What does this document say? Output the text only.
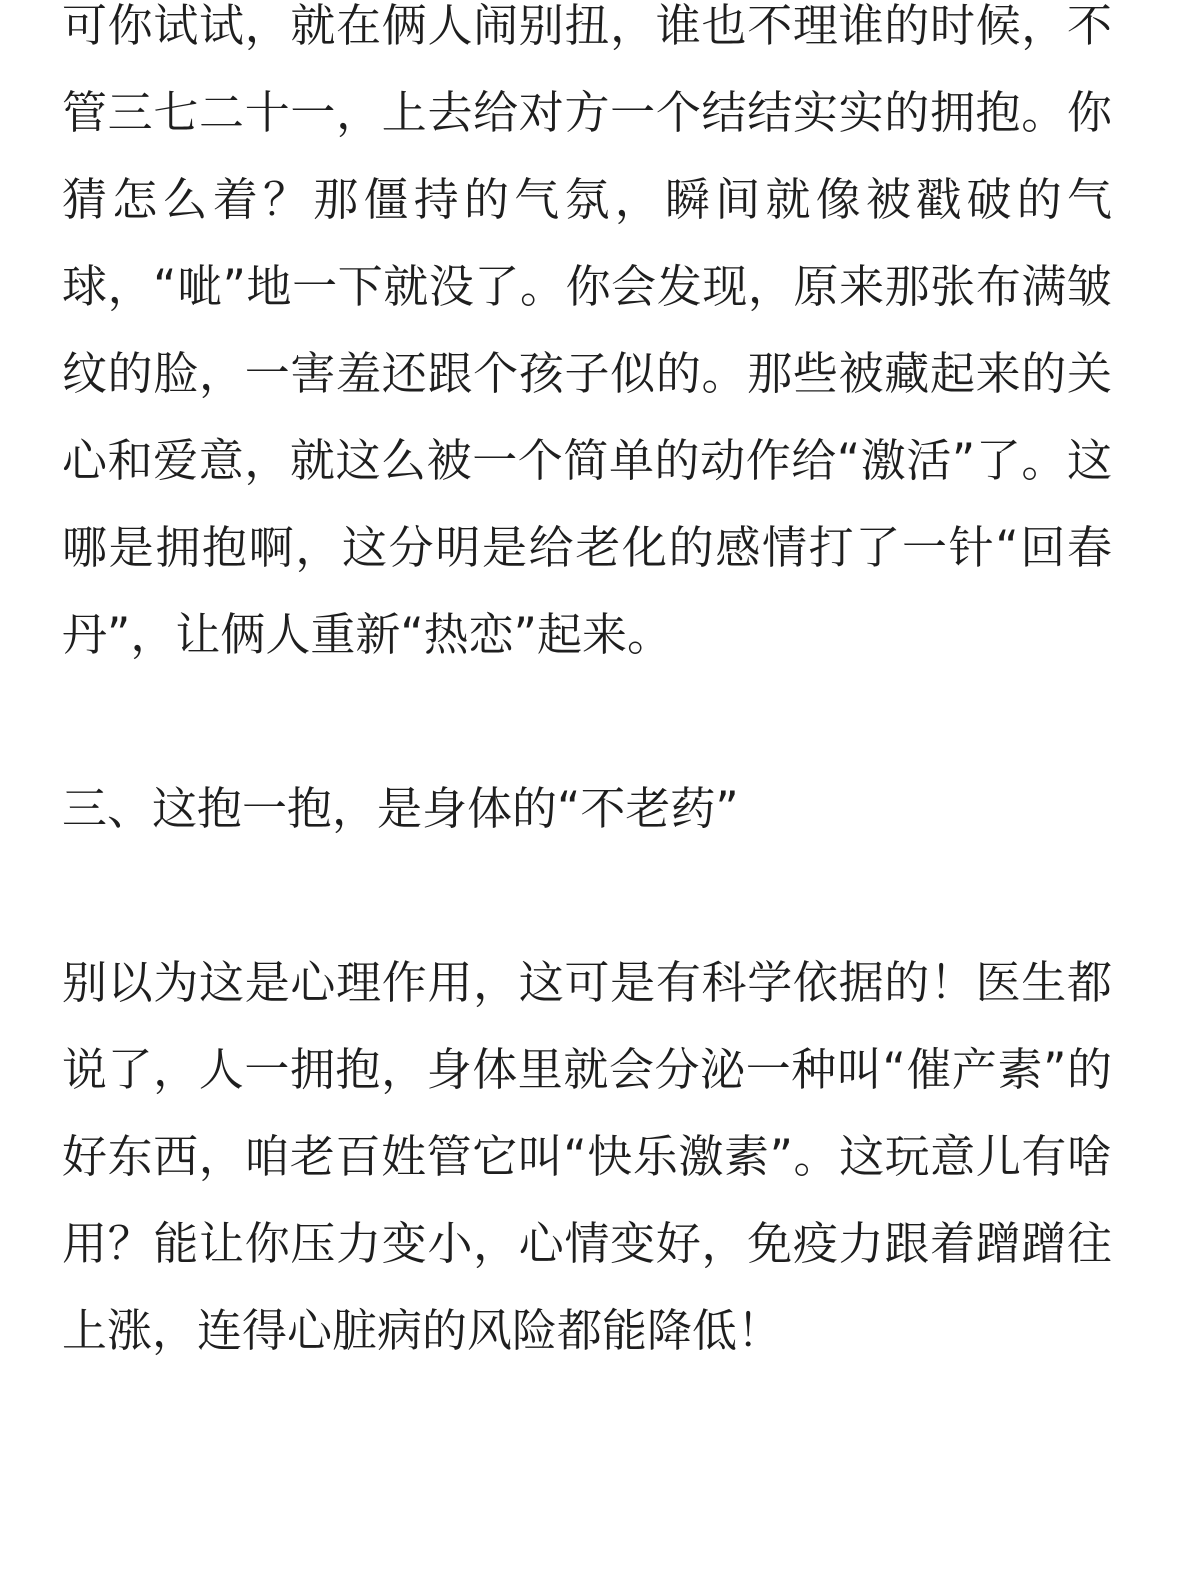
可你试试，就在俩人闹别扭，谁也不理谁的时候，不管三七二十一，上去给对方一个结结实实的拥抱。你猜怎么着？那僵持的气氛，瞬间就像被戳破的气球，“呲”地一下就没了。你会发现，原来那张布满皱纹的脸，一害羞还跟个孩子似的。那些被藏起来的关心和爱意，就这么被一个简单的动作给“激活”了。这哪是拥抱啊，这分明是给老化的感情打了一针“回春丹”，让俩人重新“热恋”起来。

三、这抱一抱，是身体的“不老药”

别以为这是心理作用，这可是有科学依据的！医生都说了，人一拥抱，身体里就会分泌一种叫“催产素”的好东西，咱老百姓管它叫“快乐激素”。这玩意儿有啥用？能让你压力变小，心情变好，免疫力跟着蹭蹭往上涨，连得心脏病的风险都能降低！
